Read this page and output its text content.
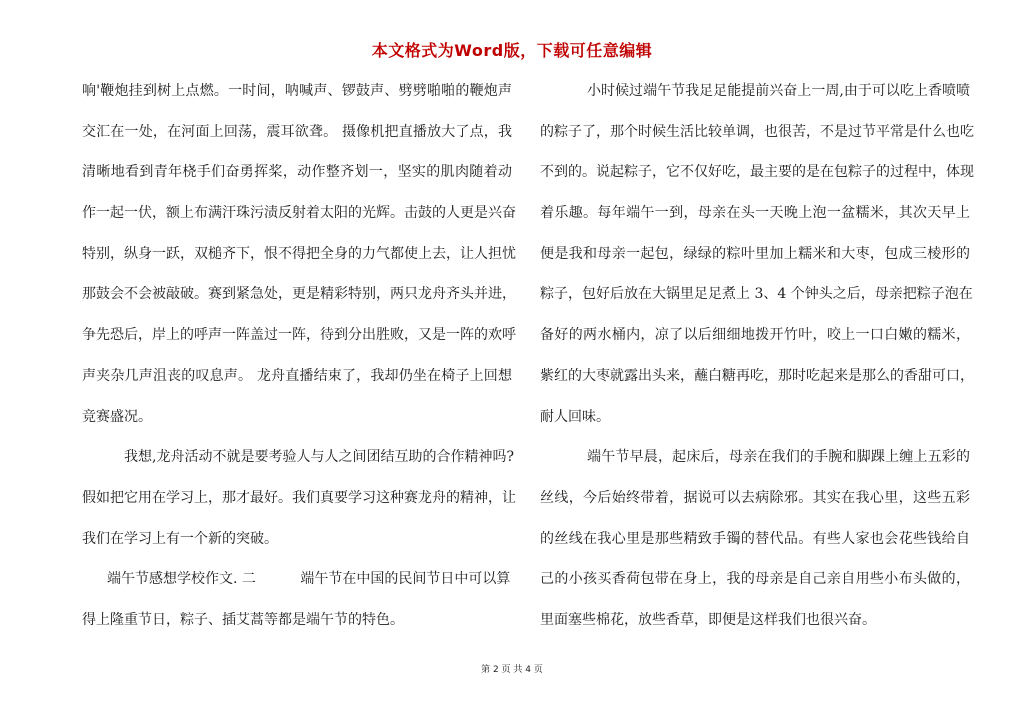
本文格式为Word版，下载可任意编辑
响'鞭炮挂到树上点燃。一时间，呐喊声、锣鼓声、劈劈啪啪的鞭炮声
交汇在一处，在河面上回荡，震耳欲聋。 摄像机把直播放大了点，我
清晰地看到青年桡手们奋勇挥桨，动作整齐划一，坚实的肌肉随着动
作一起一伏，额上布满汗珠污渍反射着太阳的光辉。击鼓的人更是兴奋
特别，纵身一跃，双槌齐下，恨不得把全身的力气都使上去，让人担忧
那鼓会不会被敲破。赛到紧急处，更是精彩特别，两只龙舟齐头并进，
争先恐后，岸上的呼声一阵盖过一阵，待到分出胜败，又是一阵的欢呼
声夹杂几声沮丧的叹息声。 龙舟直播结束了，我却仍坐在椅子上回想
竞赛盛况。
我想,龙舟活动不就是要考验人与人之间团结互助的合作精神吗?
假如把它用在学习上，那才最好。我们真要学习这种赛龙舟的精神，让
我们在学习上有一个新的突破。
端午节感想学校作文. 二          端午节在中国的民间节日中可以算
得上隆重节日，粽子、插艾蒿等都是端午节的特色。
小时候过端午节我足足能提前兴奋上一周,由于可以吃上香喷喷
的粽子了，那个时候生活比较单调，也很苦，不是过节平常是什么也吃
不到的。说起粽子，它不仅好吃，最主要的是在包粽子的过程中，体现
着乐趣。每年端午一到，母亲在头一天晚上泡一盆糯米，其次天早上
便是我和母亲一起包，绿绿的粽叶里加上糯米和大枣，包成三棱形的
粽子，包好后放在大锅里足足煮上 3、4 个钟头之后，母亲把粽子泡在
备好的两水桶内，凉了以后细细地拨开竹叶，咬上一口白嫩的糯米，
紫红的大枣就露出头来，蘸白糖再吃，那时吃起来是那么的香甜可口，
耐人回味。
端午节早晨，起床后，母亲在我们的手腕和脚踝上缠上五彩的
丝线，今后始终带着，据说可以去病除邪。其实在我心里，这些五彩
的丝线在我心里是那些精致手镯的替代品。有些人家也会花些钱给自
己的小孩买香荷包带在身上，我的母亲是自己亲自用些小布头做的，
里面塞些棉花，放些香草，即便是这样我们也很兴奋。
第 2 页 共 4 页
